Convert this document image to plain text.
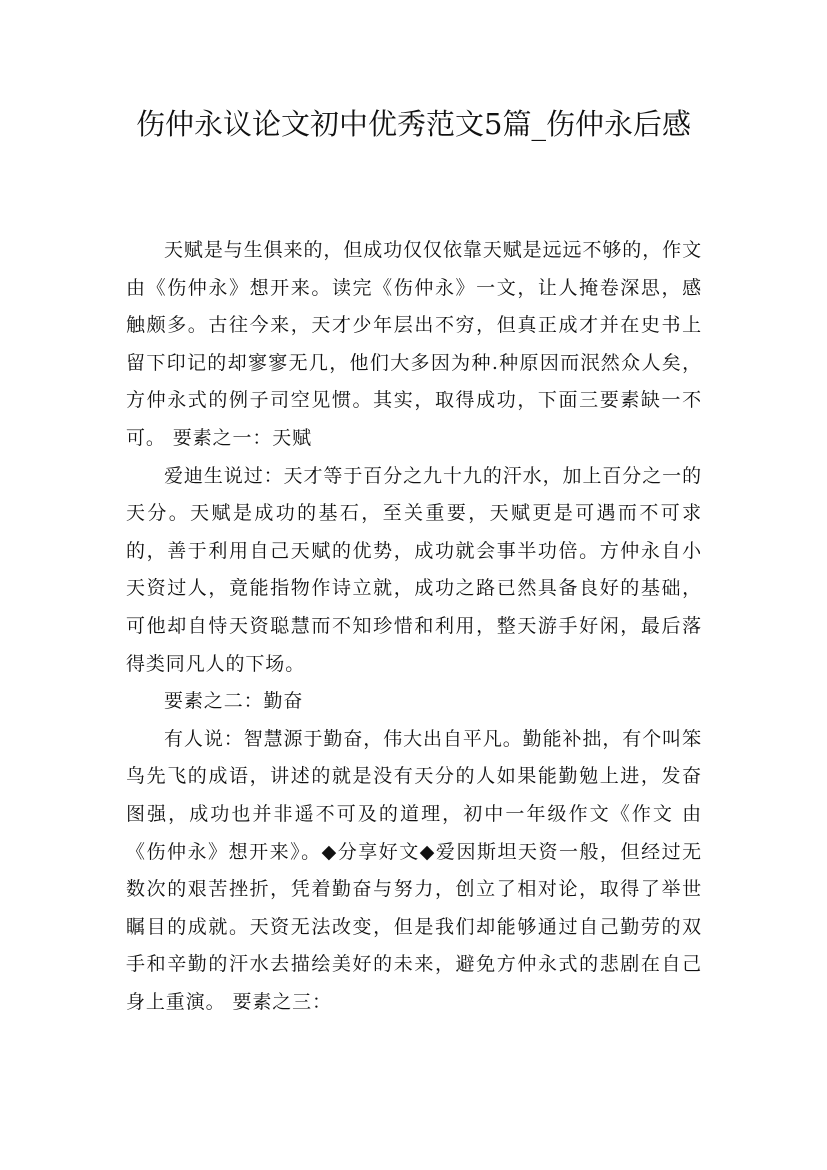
伤仲永议论文初中优秀范文5篇_伤仲永后感

天赋是与生俱来的，但成功仅仅依靠天赋是远远不够的，作文 由《伤仲永》想开来。读完《伤仲永》一文，让人掩卷深思，感触颇多。古往今来，天才少年层出不穷，但真正成才并在史书上留下印记的却寥寥无几，他们大多因为种.种原因而泯然众人矣，方仲永式的例子司空见惯。其实，取得成功，下面三要素缺一不可。 要素之一：天赋

爱迪生说过：天才等于百分之九十九的汗水，加上百分之一的天分。天赋是成功的基石，至关重要，天赋更是可遇而不可求的，善于利用自己天赋的优势，成功就会事半功倍。方仲永自小天资过人，竟能指物作诗立就，成功之路已然具备良好的基础，可他却自恃天资聪慧而不知珍惜和利用，整天游手好闲，最后落得类同凡人的下场。

要素之二：勤奋

有人说：智慧源于勤奋，伟大出自平凡。勤能补拙，有个叫笨鸟先飞的成语，讲述的就是没有天分的人如果能勤勉上进，发奋图强，成功也并非遥不可及的道理，初中一年级作文《作文 由《伤仲永》想开来》。◆分享好文◆爱因斯坦天资一般，但经过无数次的艰苦挫折，凭着勤奋与努力，创立了相对论，取得了举世瞩目的成就。天资无法改变，但是我们却能够通过自己勤劳的双手和辛勤的汗水去描绘美好的未来，避免方仲永式的悲剧在自己身上重演。 要素之三：
